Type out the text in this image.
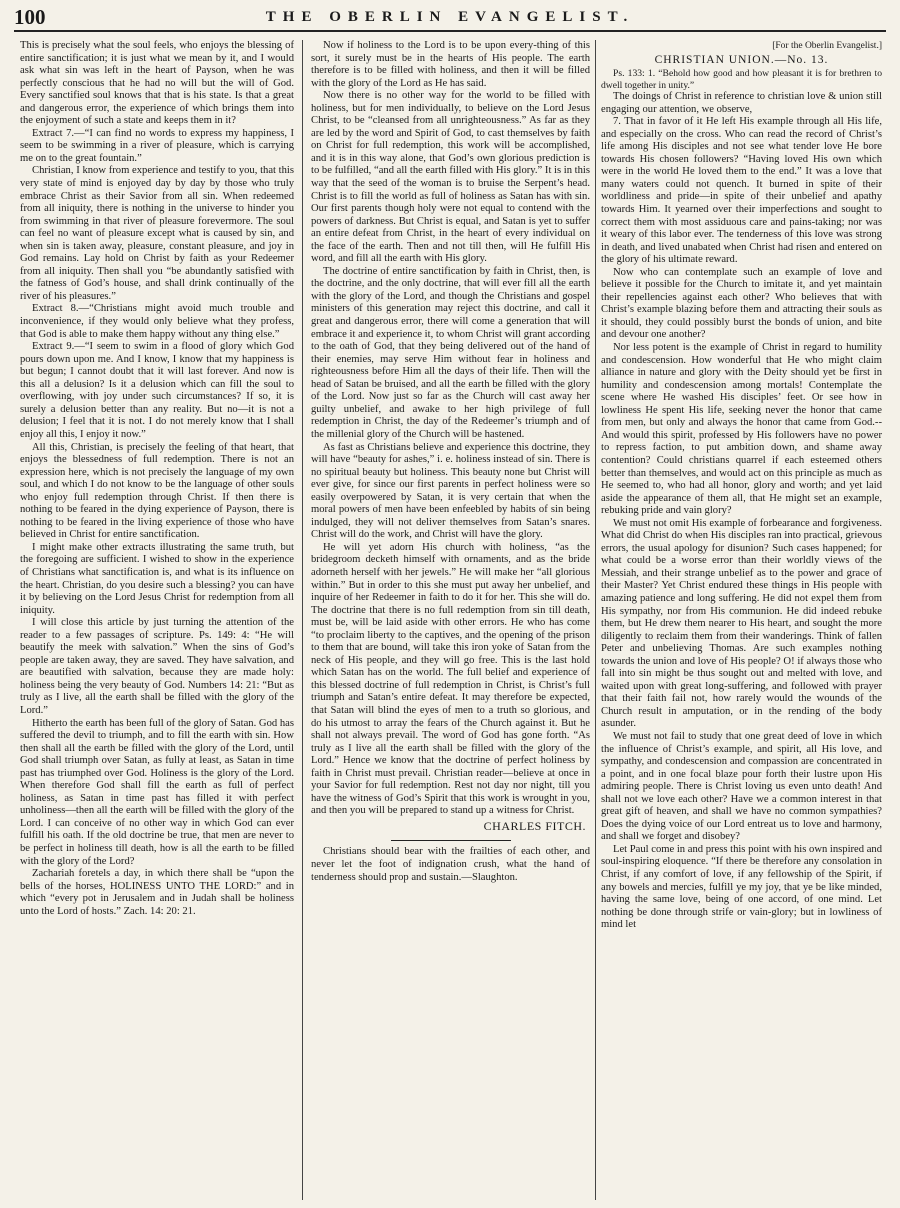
100	THE OBERLIN EVANGELIST.

This is precisely what the soul feels, who enjoys the blessing of entire sanctification; it is just what we mean by it, and I would ask what sin was left in the heart of Payson, when he was perfectly conscious that he had no will but the will of God. Every sanctified soul knows that that is his state. Is that a great and dangerous error, the experience of which brings them into the enjoyment of such a state and keeps them in it?

Extract 7.—“I can find no words to express my happiness, I seem to be swimming in a river of pleasure, which is carrying me on to the great fountain.”

Christian, I know from experience and testify to you, that this very state of mind is enjoyed day by day by those who truly embrace Christ as their Savior from all sin. When redeemed from all iniquity, there is nothing in the universe to hinder you from swimming in that river of pleasure forevermore. The soul can feel no want of pleasure except what is caused by sin, and when sin is taken away, pleasure, constant pleasure, and joy in God remains. Lay hold on Christ by faith as your Redeemer from all iniquity. Then shall you “be abundantly satisfied with the fatness of God’s house, and shall drink continually of the river of his pleasures.”

Extract 8.—“Christians might avoid much trouble and inconvenience, if they would only believe what they profess, that God is able to make them happy without any thing else.”

Extract 9.—“I seem to swim in a flood of glory which God pours down upon me. And I know, I know that my happiness is but begun; I cannot doubt that it will last forever. And now is this all a delusion? Is it a delusion which can fill the soul to overflowing, with joy under such circumstances? If so, it is surely a delusion better than any reality. But no—it is not a delusion; I feel that it is not. I do not merely know that I shall enjoy all this, I enjoy it now.”

All this, Christian, is precisely the feeling of that heart, that enjoys the blessedness of full redemption. There is not an expression here, which is not precisely the language of my own soul, and which I do not know to be the language of other souls who enjoy full redemption through Christ. If then there is nothing to be feared in the dying experience of Payson, there is nothing to be feared in the living experience of those who have believed in Christ for entire sanctification.

I might make other extracts illustrating the same truth, but the foregoing are sufficient. I wished to show in the experience of Christians what sanctification is, and what is its influence on the heart. Christian, do you desire such a blessing? you can have it by believing on the Lord Jesus Christ for redemption from all iniquity.

I will close this article by just turning the attention of the reader to a few passages of scripture. Ps. 149: 4: “He will beautify the meek with salvation.” When the sins of God’s people are taken away, they are saved. They have salvation, and are beautified with salvation, because they are made holy: holiness being the very beauty of God. Numbers 14: 21: “But as truly as I live, all the earth shall be filled with the glory of the Lord.”

Hitherto the earth has been full of the glory of Satan. God has suffered the devil to triumph, and to fill the earth with sin. How then shall all the earth be filled with the glory of the Lord, until God shall triumph over Satan, as fully at least, as Satan in time past has triumphed over God. Holiness is the glory of the Lord. When therefore God shall fill the earth as full of perfect holiness, as Satan in time past has filled it with perfect unholiness—then all the earth will be filled with the glory of the Lord. I can conceive of no other way in which God can ever fulfill his oath. If the old doctrine be true, that men are never to be perfect in holiness till death, how is all the earth to be filled with the glory of the Lord?

Zachariah foretels a day, in which there shall be “upon the bells of the horses, HOLINESS UNTO THE LORD:” and in which “every pot in Jerusalem and in Judah shall be holiness unto the Lord of hosts.” Zach. 14: 20: 21.

Now if holiness to the Lord is to be upon every-thing of this sort, it surely must be in the hearts of His people. The earth therefore is to be filled with holiness, and then it will be filled with the glory of the Lord as He has said.

Now there is no other way for the world to be filled with holiness, but for men individually, to believe on the Lord Jesus Christ, to be “cleansed from all unrighteousness.” As far as they are led by the word and Spirit of God, to cast themselves by faith on Christ for full redemption, this work will be accomplished, and it is in this way alone, that God’s own glorious prediction is to be fulfilled, “and all the earth filled with His glory.” It is in this way that the seed of the woman is to bruise the Serpent’s head. Christ is to fill the world as full of holiness as Satan has with sin. Our first parents though holy were not equal to contend with the powers of darkness. But Christ is equal, and Satan is yet to suffer an entire defeat from Christ, in the heart of every individual on the face of the earth. Then and not till then, will He fulfill His word, and fill all the earth with His glory.

The doctrine of entire sanctification by faith in Christ, then, is the doctrine, and the only doctrine, that will ever fill all the earth with the glory of the Lord, and though the Christians and gospel ministers of this generation may reject this doctrine, and call it great and dangerous error, there will come a generation that will embrace it and experience it, to whom Christ will grant according to the oath of God, that they being delivered out of the hand of their enemies, may serve Him without fear in holiness and righteousness before Him all the days of their life. Then will the head of Satan be bruised, and all the earth be filled with the glory of the Lord. Now just so far as the Church will cast away her guilty unbelief, and awake to her high privilege of full redemption in Christ, the day of the Redeemer’s triumph and of the millenial glory of the Church will be hastened.

As fast as Christians believe and experience this doctrine, they will have “beauty for ashes,” i. e. holiness instead of sin. There is no spiritual beauty but holiness. This beauty none but Christ will ever give, for since our first parents in perfect holiness were so easily overpowered by Satan, it is very certain that when the moral powers of men have been enfeebled by habits of sin being indulged, they will not deliver themselves from Satan’s snares. Christ will do the work, and Christ will have the glory.

He will yet adorn His church with holiness, “as the bridegroom decketh himself with ornaments, and as the bride adorneth herself with her jewels.” He will make her “all glorious within.” But in order to this she must put away her unbelief, and inquire of her Redeemer in faith to do it for her. This she will do. The doctrine that there is no full redemption from sin till death, must be, will be laid aside with other errors. He who has come “to proclaim liberty to the captives, and the opening of the prison to them that are bound, will take this iron yoke of Satan from the neck of His people, and they will go free. This is the last hold which Satan has on the world. The full belief and experience of this blessed doctrine of full redemption in Christ, is Christ’s full triumph and Satan’s entire defeat. It may therefore be expected, that Satan will blind the eyes of men to a truth so glorious, and do his utmost to array the fears of the Church against it. But he shall not always prevail. The word of God has gone forth. “As truly as I live all the earth shall be filled with the glory of the Lord.” Hence we know that the doctrine of perfect holiness by faith in Christ must prevail. Christian reader—believe at once in your Savior for full redemption. Rest not day nor night, till you have the witness of God’s Spirit that this work is wrought in you, and then you will be prepared to stand up a witness for Christ.

CHARLES FITCH.

Christians should bear with the frailties of each other, and never let the foot of indignation crush, what the hand of tenderness should prop and sustain.—Slaughton.

[For the Oberlin Evangelist.]

CHRISTIAN UNION.—No. 13.

Ps. 133: 1. “Behold how good and how pleasant it is for brethren to dwell together in unity.”

The doings of Christ in reference to christian love & union still engaging our attention, we observe,

7. That in favor of it He left His example through all His life, and especially on the cross. Who can read the record of Christ’s life among His disciples and not see what tender love He bore towards His chosen followers? “Having loved His own which were in the world He loved them to the end.” It was a love that many waters could not quench. It burned in spite of their worldliness and pride—in spite of their unbelief and apathy towards Him. It yearned over their imperfections and sought to correct them with most assiduous care and pains-taking; nor was it weary of this labor ever. The tenderness of this love was strong in death, and lived unabated when Christ had risen and entered on the glory of his ultimate reward.

Now who can contemplate such an example of love and believe it possible for the Church to imitate it, and yet maintain their repellencies against each other? Who believes that with Christ’s example blazing before them and attracting their souls as it should, they could possibly burst the bonds of union, and bite and devour one another?

Nor less potent is the example of Christ in regard to humility and condescension. How wonderful that He who might claim alliance in nature and glory with the Deity should yet be first in humility and condescension among mortals! Contemplate the scene where He washed His disciples’ feet. Or see how in lowliness He spent His life, seeking never the honor that came from men, but only and always the honor that came from God.--And would this spirit, professed by His followers have no power to repress faction, to put ambition down, and shame away contention? Could christians quarrel if each esteemed others better than themselves, and would act on this principle as much as He seemed to, who had all honor, glory and worth; and yet laid aside the appearance of them all, that He might set an example, rebuking pride and vain glory?

We must not omit His example of forbearance and forgiveness. What did Christ do when His disciples ran into practical, grievous errors, the usual apology for disunion? Such cases happened; for what could be a worse error than their worldly views of the Messiah, and their strange unbelief as to the power and grace of their Master? Yet Christ endured these things in His people with amazing patience and long suffering. He did not expel them from His sympathy, nor from His communion. He did indeed rebuke them, but He drew them nearer to His heart, and sought the more diligently to reclaim them from their wanderings. Think of fallen Peter and unbelieving Thomas. Are such examples nothing towards the union and love of His people? O! if always those who fall into sin might be thus sought out and melted with love, and waited upon with great long-suffering, and followed with prayer that their faith fail not, how rarely would the wounds of the Church result in amputation, or in the rending of the body asunder.

We must not fail to study that one great deed of love in which the influence of Christ’s example, and spirit, all His love, and sympathy, and condescension and compassion are concentrated in a point, and in one focal blaze pour forth their lustre upon His admiring people. There is Christ loving us even unto death! And shall not we love each other? Have we a common interest in that great gift of heaven, and shall we have no common sympathies? Does the dying voice of our Lord entreat us to love and harmony, and shall we forget and disobey?

Let Paul come in and press this point with his own inspired and soul-inspiring eloquence. “If there be therefore any consolation in Christ, if any comfort of love, if any fellowship of the Spirit, if any bowels and mercies, fulfill ye my joy, that ye be like minded, having the same love, being of one accord, of one mind. Let nothing be done through strife or vain-glory; but in lowliness of mind let
